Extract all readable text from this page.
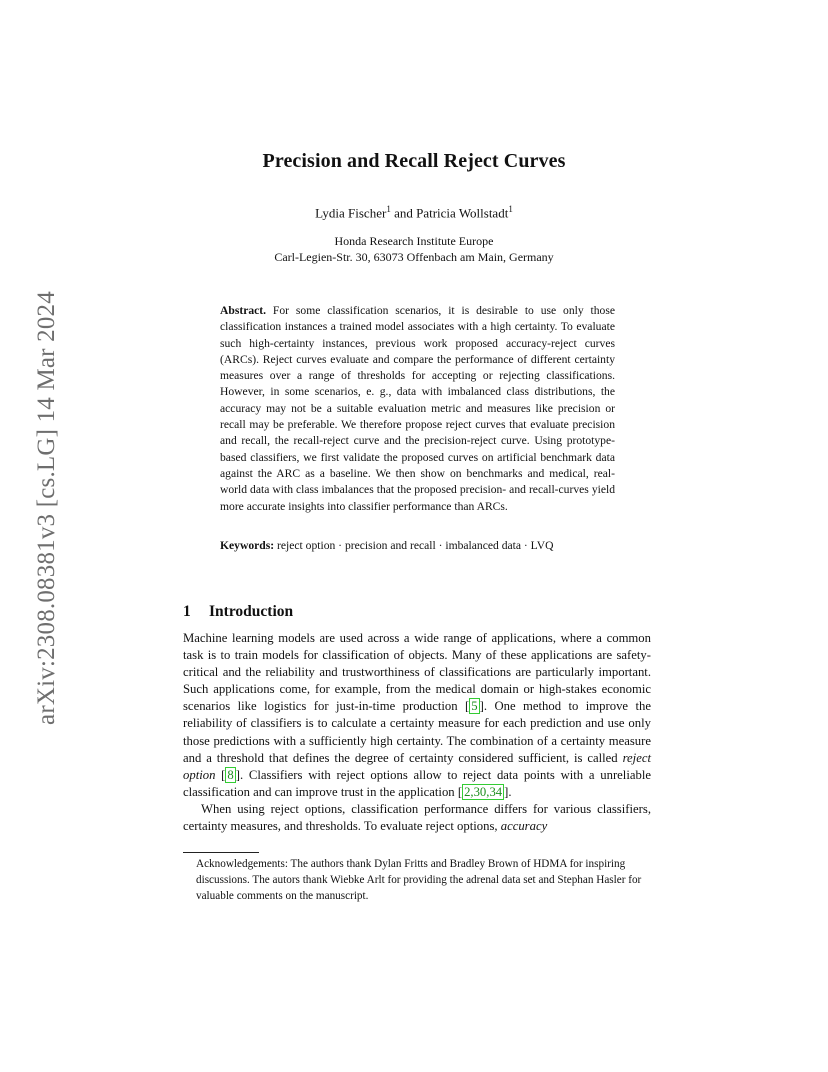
arXiv:2308.08381v3 [cs.LG] 14 Mar 2024
Precision and Recall Reject Curves
Lydia Fischer$^1$ and Patricia Wollstadt$^1$
Honda Research Institute Europe
Carl-Legien-Str. 30, 63073 Offenbach am Main, Germany
Abstract. For some classification scenarios, it is desirable to use only those classification instances a trained model associates with a high certainty. To evaluate such high-certainty instances, previous work proposed accuracy-reject curves (ARCs). Reject curves evaluate and compare the performance of different certainty measures over a range of thresholds for accepting or rejecting classifications. However, in some scenarios, e. g., data with imbalanced class distributions, the accuracy may not be a suitable evaluation metric and measures like precision or recall may be preferable. We therefore propose reject curves that evaluate precision and recall, the recall-reject curve and the precision-reject curve. Using prototype-based classifiers, we first validate the proposed curves on artificial benchmark data against the ARC as a baseline. We then show on benchmarks and medical, real-world data with class imbalances that the proposed precision- and recall-curves yield more accurate insights into classifier performance than ARCs.
Keywords: reject option · precision and recall · imbalanced data · LVQ
1 Introduction

Machine learning models are used across a wide range of applications, where a common task is to train models for classification of objects. Many of these applications are safety-critical and the reliability and trustworthiness of classifications are particularly important. Such applications come, for example, from the medical domain or high-stakes economic scenarios like logistics for just-in-time production [ 5 ]. One method to improve the reliability of classifiers is to calculate a certainty measure for each prediction and use only those predictions with a sufficiently high certainty. The combination of a certainty measure and a threshold that defines the degree of certainty considered sufficient, is called reject option [ 8 ]. Classifiers with reject options allow to reject data points with a unreliable classification and can improve trust in the application [ 2,30,34 ].

When using reject options, classification performance differs for various classifiers, certainty measures, and thresholds. To evaluate reject options, accuracy

Acknowledgements: The authors thank Dylan Fritts and Bradley Brown of HDMA for inspiring discussions. The autors thank Wiebke Arlt for providing the adrenal data set and Stephan Hasler for valuable comments on the manuscript.
